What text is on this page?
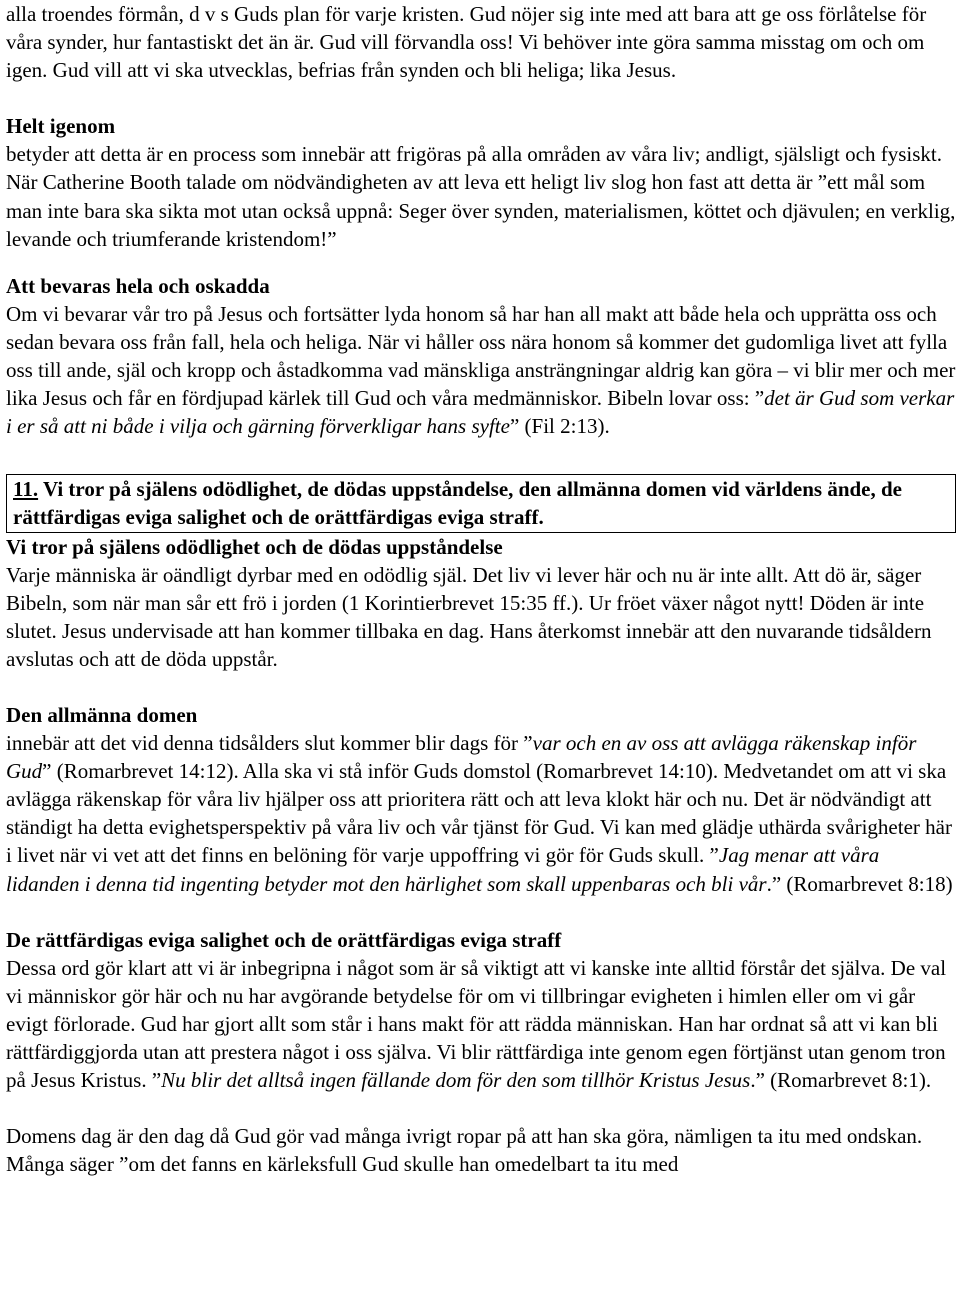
alla troendes förmån, d v s Guds plan för varje kristen. Gud nöjer sig inte med att bara att ge oss förlåtelse för våra synder, hur fantastiskt det än är. Gud vill förvandla oss! Vi behöver inte göra samma misstag om och om igen. Gud vill att vi ska utvecklas, befrias från synden och bli heliga; lika Jesus.

Helt igenom

betyder att detta är en process som innebär att frigöras på alla områden av våra liv; andligt, själsligt och fysiskt. När Catherine Booth talade om nödvändigheten av att leva ett heligt liv slog hon fast att detta är ”ett mål som man inte bara ska sikta mot utan också uppnå: Seger över synden, materialismen, köttet och djävulen; en verklig, levande och triumferande kristendom!”

Att bevaras hela och oskadda

Om vi bevarar vår tro på Jesus och fortsätter lyda honom så har han all makt att både hela och upprätta oss och sedan bevara oss från fall, hela och heliga. När vi håller oss nära honom så kommer det gudomliga livet att fylla oss till ande, själ och kropp och åstadkomma vad mänskliga ansträngningar aldrig kan göra – vi blir mer och mer lika Jesus och får en fördjupad kärlek till Gud och våra medmänniskor. Bibeln lovar oss: ”det är Gud som verkar i er så att ni både i vilja och gärning förverkligar hans syfte” (Fil 2:13).

11. Vi tror på själens odödlighet, de dödas uppståndelse, den allmänna domen vid världens ände, de rättfärdigas eviga salighet och de orättfärdigas eviga straff.

Vi tror på själens odödlighet och de dödas uppståndelse

Varje människa är oändligt dyrbar med en odödlig själ. Det liv vi lever här och nu är inte allt. Att dö är, säger Bibeln, som när man sår ett frö i jorden (1 Korintierbrevet 15:35 ff.). Ur fröet växer något nytt! Döden är inte slutet. Jesus undervisade att han kommer tillbaka en dag. Hans återkomst innebär att den nuvarande tidsåldern avslutas och att de döda uppstår.

Den allmänna domen

innebär att det vid denna tidsålders slut kommer blir dags för ”var och en av oss att avlägga räkenskap inför Gud” (Romarbrevet 14:12). Alla ska vi stå inför Guds domstol (Romarbrevet 14:10). Medvetandet om att vi ska avlägga räkenskap för våra liv hjälper oss att prioritera rätt och att leva klokt här och nu. Det är nödvändigt att ständigt ha detta evighetsperspektiv på våra liv och vår tjänst för Gud. Vi kan med glädje uthärda svårigheter här i livet när vi vet att det finns en belöning för varje uppoffring vi gör för Guds skull. ”Jag menar att våra lidanden i denna tid ingenting betyder mot den härlighet som skall uppenbaras och bli vår.” (Romarbrevet 8:18)

De rättfärdigas eviga salighet och de orättfärdigas eviga straff

Dessa ord gör klart att vi är inbegripna i något som är så viktigt att vi kanske inte alltid förstår det själva. De val vi människor gör här och nu har avgörande betydelse för om vi tillbringar evigheten i himlen eller om vi går evigt förlorade. Gud har gjort allt som står i hans makt för att rädda människan. Han har ordnat så att vi kan bli rättfärdiggjorda utan att prestera något i oss själva. Vi blir rättfärdiga inte genom egen förtjänst utan genom tron på Jesus Kristus. ”Nu blir det alltså ingen fällande dom för den som tillhör Kristus Jesus.” (Romarbrevet 8:1).

Domens dag är den dag då Gud gör vad många ivrigt ropar på att han ska göra, nämligen ta itu med ondskan. Många säger ”om det fanns en kärleksfull Gud skulle han omedelbart ta itu med
